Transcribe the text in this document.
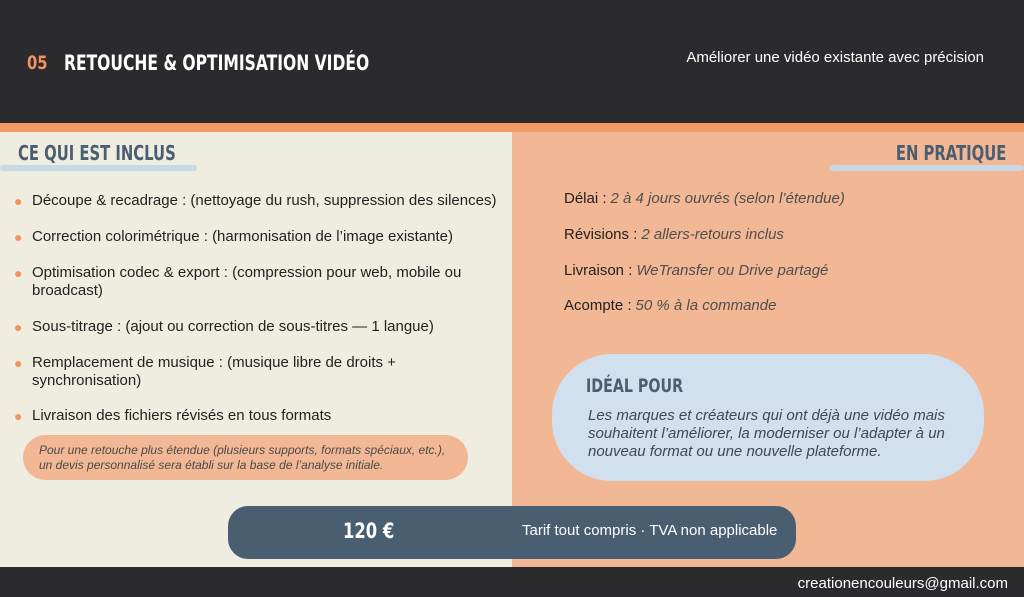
05 RETOUCHE & OPTIMISATION VIDÉO	Améliorer une vidéo existante avec précision
CE QUI EST INCLUS	EN PRATIQUE
● Découpe & recadrage : (nettoyage du rush, suppression des silences)
● Correction colorimétrique : (harmonisation de l’image existante)
● Optimisation codec & export : (compression pour web, mobile ou broadcast)
● Sous-titrage : (ajout ou correction de sous-titres — 1 langue)
● Remplacement de musique : (musique libre de droits + synchronisation)
● Livraison des fichiers révisés en tous formats
Pour une retouche plus étendue (plusieurs supports, formats spéciaux, etc.), un devis personnalisé sera établi sur la base de l’analyse initiale.
Délai : 2 à 4 jours ouvrés (selon l’étendue)
Révisions : 2 allers-retours inclus
Livraison : WeTransfer ou Drive partagé
Acompte : 50 % à la commande
IDÉAL POUR
Les marques et créateurs qui ont déjà une vidéo mais souhaitent l’améliorer, la moderniser ou l’adapter à un nouveau format ou une nouvelle plateforme.
120 €	Tarif tout compris · TVA non applicable
creationencouleurs@gmail.com
